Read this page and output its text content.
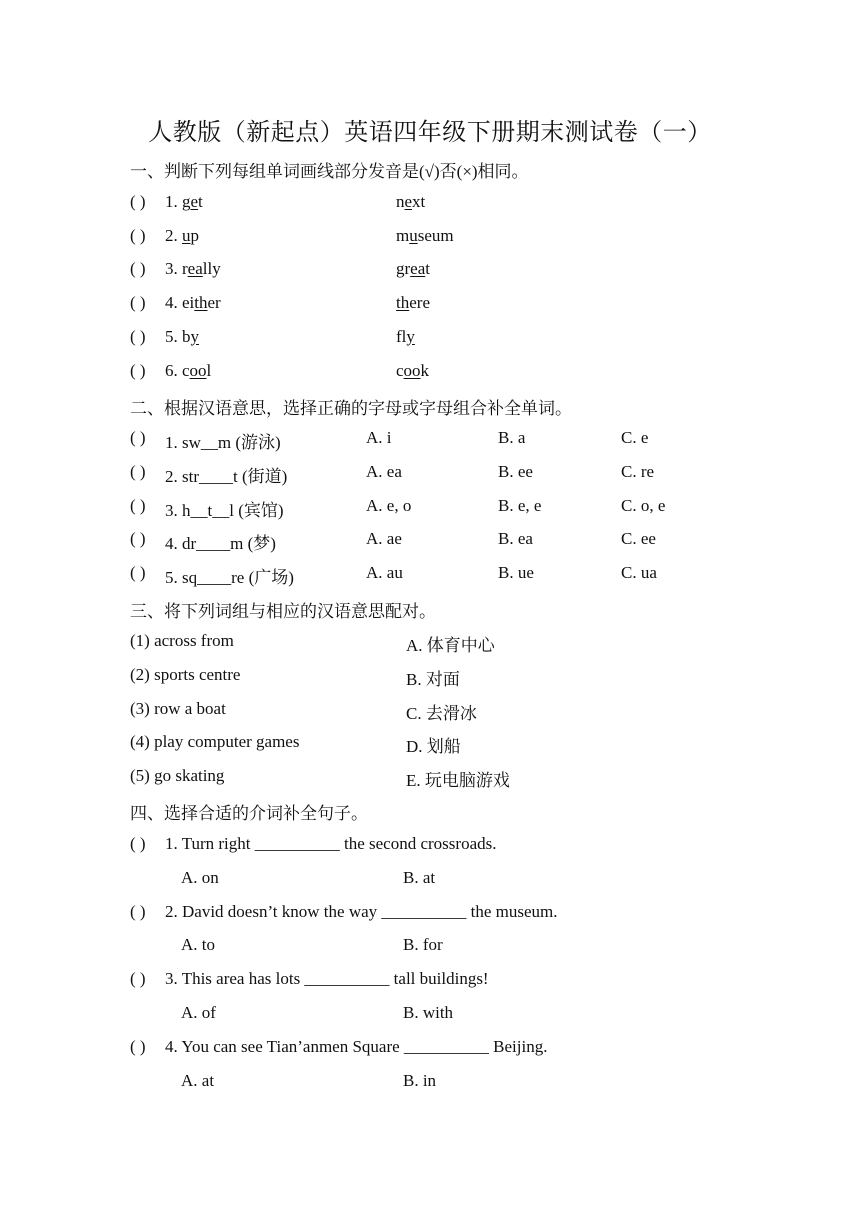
人教版（新起点）英语四年级下册期末测试卷（一）
一、判断下列每组单词画线部分发音是(√)否(×)相同。
( ) 1. get	next
( ) 2. up	museum
( ) 3. really	great
( ) 4. either	there
( ) 5. by	fly
( ) 6. cool	cook
二、根据汉语意思，选择正确的字母或字母组合补全单词。
( ) 1. sw__m (游泳)	A. i	B. a	C. e
( ) 2. str____t (街道)	A. ea	B. ee	C. re
( ) 3. h__t__l (宾馆)	A. e, o	B. e, e	C. o, e
( ) 4. dr____m (梦)	A. ae	B. ea	C. ee
( ) 5. sq____re (广场)	A. au	B. ue	C. ua
三、将下列词组与相应的汉语意思配对。
(1) across from	A. 体育中心
(2) sports centre	B. 对面
(3) row a boat	C. 去滑冰
(4) play computer games	D. 划船
(5) go skating	E. 玩电脑游戏
四、选择合适的介词补全句子。
( ) 1. Turn right __________ the second crossroads.
A. on	B. at
( ) 2. David doesn’t know the way __________ the museum.
A. to	B. for
( ) 3. This area has lots __________ tall buildings!
A. of	B. with
( ) 4. You can see Tian’anmen Square __________ Beijing.
A. at	B. in
